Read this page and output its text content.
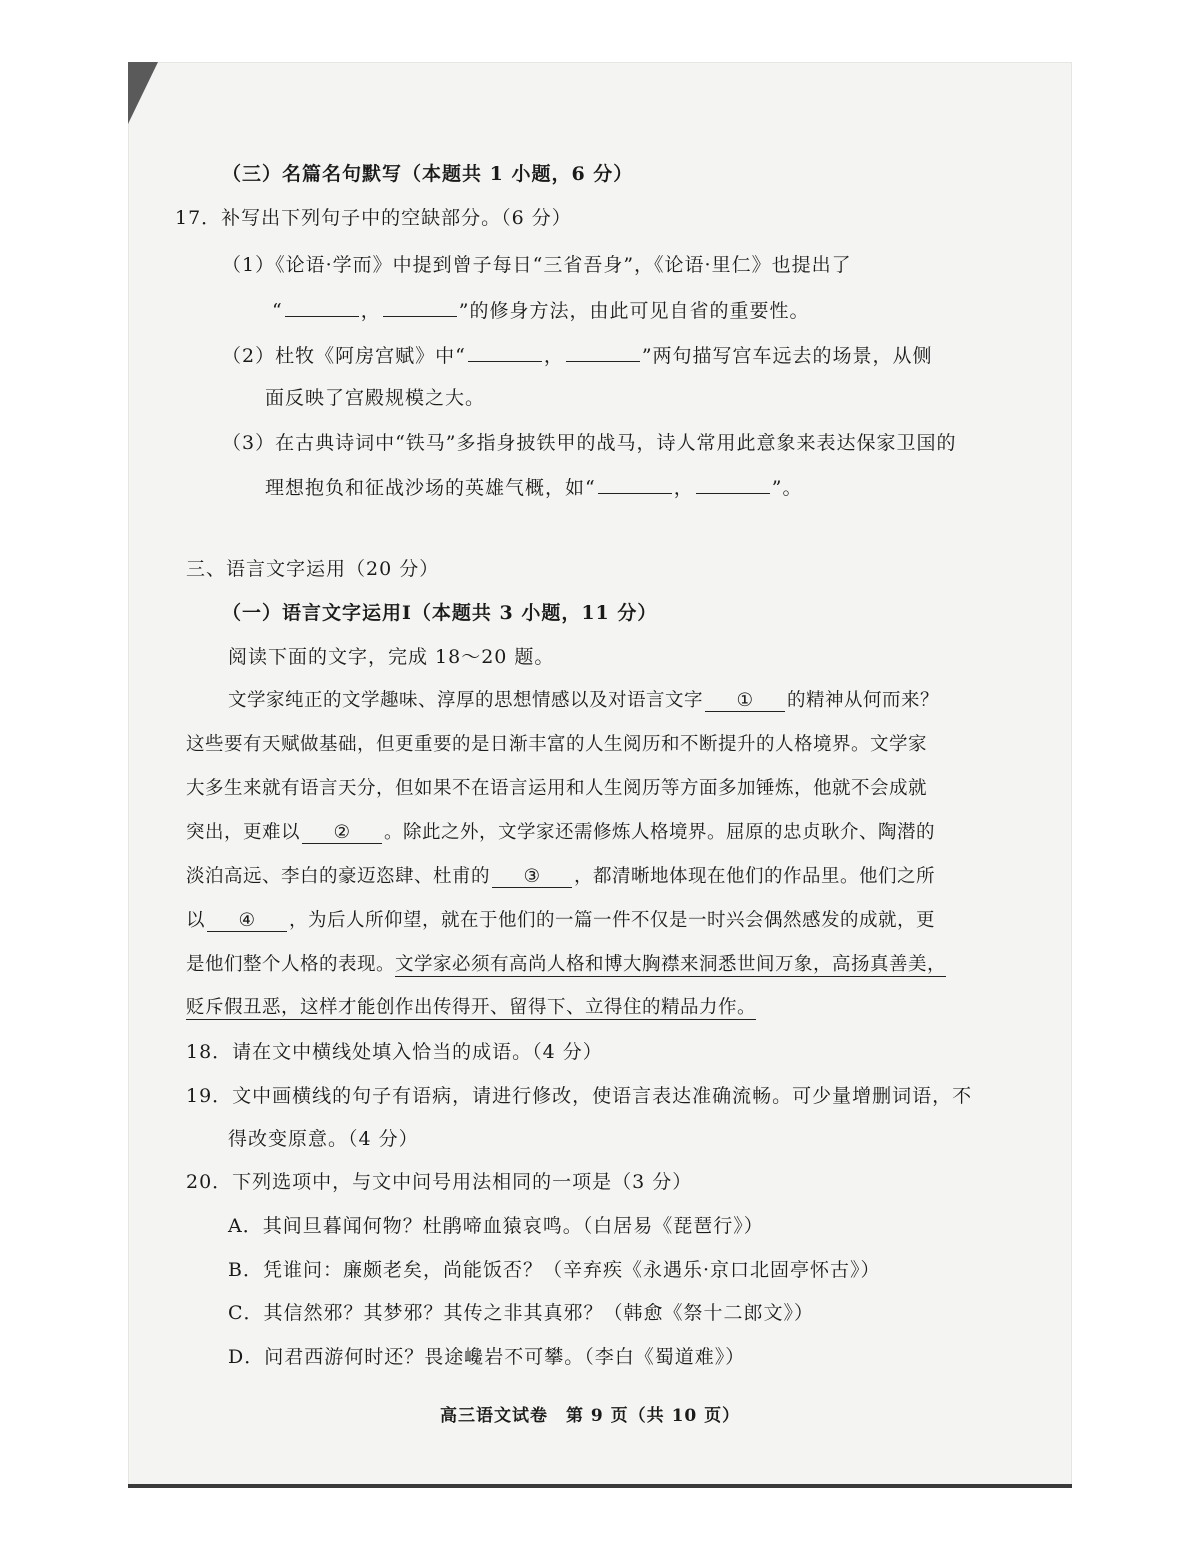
（三）名篇名句默写（本题共 1 小题，6 分）
17．补写出下列句子中的空缺部分。（6 分）
（1）《论语·学而》中提到曾子每日“三省吾身”，《论语·里仁》也提出了
“	，	”的修身方法，由此可见自省的重要性。
（2）杜牧《阿房宫赋》中“	，	”两句描写宫车远去的场景，从侧
面反映了宫殿规模之大。
（3）在古典诗词中“铁马”多指身披铁甲的战马，诗人常用此意象来表达保家卫国的
理想抱负和征战沙场的英雄气概，如“	，	”。
三、语言文字运用（20 分）
（一）语言文字运用Ⅰ（本题共 3 小题，11 分）
阅读下面的文字，完成 18～20 题。
文学家纯正的文学趣味、淳厚的思想情感以及对语言文字 ① 的精神从何而来？
这些要有天赋做基础，但更重要的是日渐丰富的人生阅历和不断提升的人格境界。文学家
大多生来就有语言天分，但如果不在语言运用和人生阅历等方面多加锤炼，他就不会成就
突出，更难以 ② 。除此之外，文学家还需修炼人格境界。屈原的忠贞耿介、陶潜的
淡泊高远、李白的豪迈恣肆、杜甫的 ③ ，都清晰地体现在他们的作品里。他们之所
以 ④ ，为后人所仰望，就在于他们的一篇一件不仅是一时兴会偶然感发的成就，更
是他们整个人格的表现。文学家必须有高尚人格和博大胸襟来洞悉世间万象，高扬真善美，
贬斥假丑恶，这样才能创作出传得开、留得下、立得住的精品力作。
18．请在文中横线处填入恰当的成语。（4 分）
19．文中画横线的句子有语病，请进行修改，使语言表达准确流畅。可少量增删词语，不
得改变原意。（4 分）
20．下列选项中，与文中问号用法相同的一项是（3 分）
A．其间旦暮闻何物？杜鹃啼血猿哀鸣。（白居易《琵琶行》）
B．凭谁问：廉颇老矣，尚能饭否？（辛弃疾《永遇乐·京口北固亭怀古》）
C．其信然邪？其梦邪？其传之非其真邪？（韩愈《祭十二郎文》）
D．问君西游何时还？畏途巉岩不可攀。（李白《蜀道难》）
高三语文试卷　第 9 页（共 10 页）
